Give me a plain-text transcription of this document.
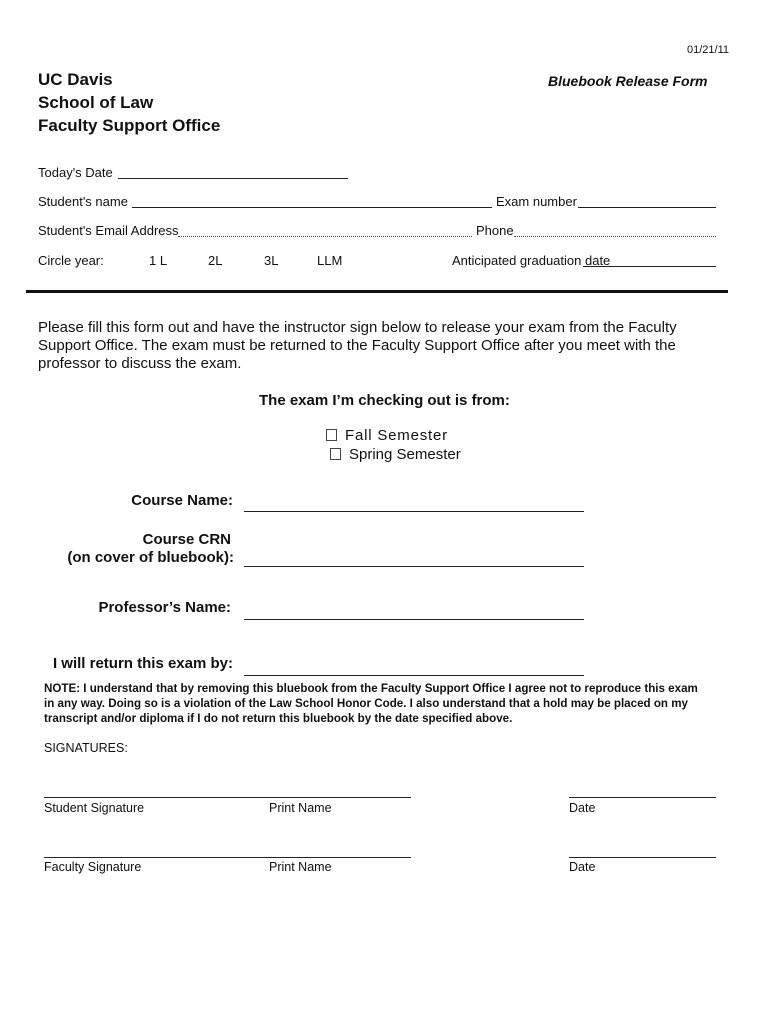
01/21/11
UC Davis
School of Law
Faculty Support Office
Bluebook Release Form
Today's Date
Student's name	Exam number
Student's Email Address	Phone
Circle year:	1 L	2L	3L	LLM	Anticipated graduation date
Please fill this form out and have the instructor sign below to release your exam from the Faculty
Support Office. The exam must be returned to the Faculty Support Office after you meet with the
professor to discuss the exam.
The exam I’m checking out is from:
Fall Semester
Spring Semester
Course Name:
Course CRN
(on cover of bluebook):
Professor’s Name:
I will return this exam by:
NOTE: I understand that by removing this bluebook from the Faculty Support Office I agree not to reproduce this exam
in any way. Doing so is a violation of the Law School Honor Code. I also understand that a hold may be placed on my
transcript and/or diploma if I do not return this bluebook by the date specified above.
SIGNATURES:
Student Signature	Print Name	Date
Faculty Signature	Print Name	Date
